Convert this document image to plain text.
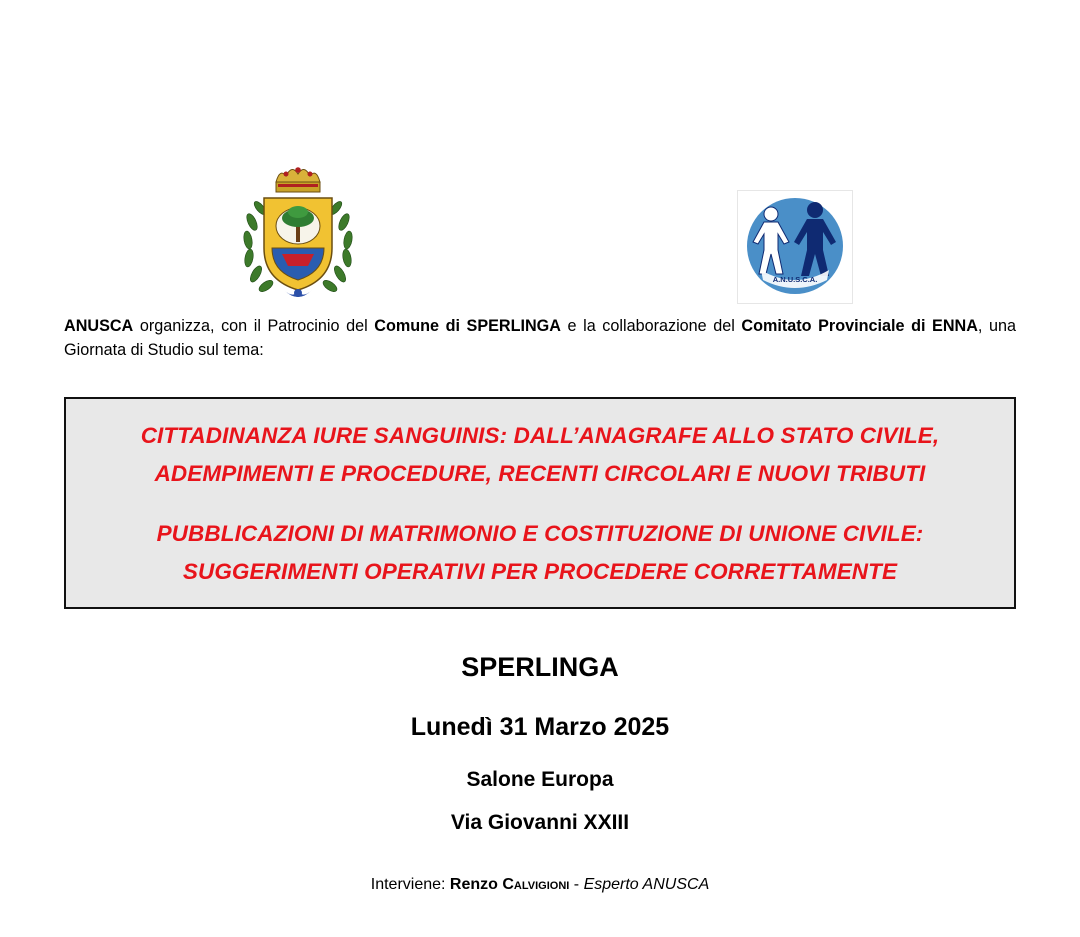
A.N.U.S.C.A.
ANUSCA organizza, con il Patrocinio del Comune di SPERLINGA e la collaborazione del Comitato Provinciale di ENNA, una Giornata di Studio sul tema:
CITTADINANZA IURE SANGUINIS: DALL’ANAGRAFE ALLO STATO CIVILE,
ADEMPIMENTI E PROCEDURE, RECENTI CIRCOLARI E NUOVI TRIBUTI
PUBBLICAZIONI DI MATRIMONIO E COSTITUZIONE DI UNIONE CIVILE:
SUGGERIMENTI OPERATIVI PER PROCEDERE CORRETTAMENTE
SPERLINGA
Lunedì 31 Marzo 2025
Salone Europa
Via Giovanni XXIII
Interviene: Renzo Calvigioni - Esperto ANUSCA
